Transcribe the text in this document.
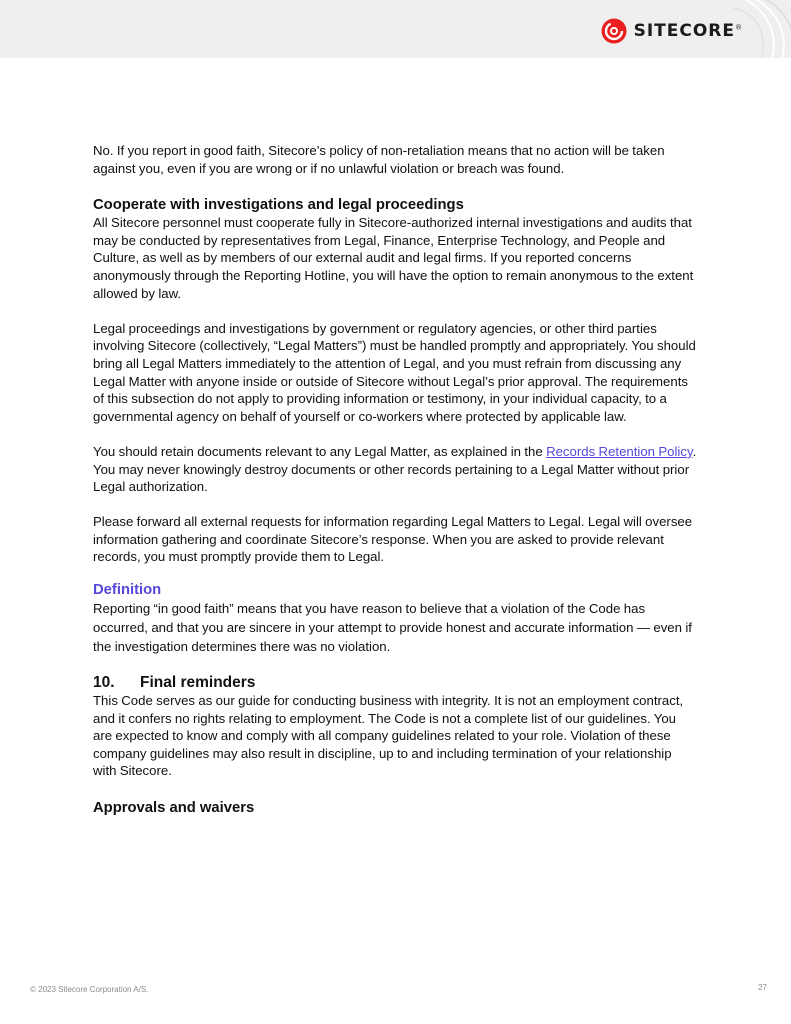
SITECORE®

No. If you report in good faith, Sitecore’s policy of non-retaliation means that no action will be taken against you, even if you are wrong or if no unlawful violation or breach was found.

Cooperate with investigations and legal proceedings

All Sitecore personnel must cooperate fully in Sitecore-authorized internal investigations and audits that may be conducted by representatives from Legal, Finance, Enterprise Technology, and People and Culture, as well as by members of our external audit and legal firms. If you reported concerns anonymously through the Reporting Hotline, you will have the option to remain anonymous to the extent allowed by law.

Legal proceedings and investigations by government or regulatory agencies, or other third parties involving Sitecore (collectively, “Legal Matters”) must be handled promptly and appropriately. You should bring all Legal Matters immediately to the attention of Legal, and you must refrain from discussing any Legal Matter with anyone inside or outside of Sitecore without Legal’s prior approval. The requirements of this subsection do not apply to providing information or testimony, in your individual capacity, to a governmental agency on behalf of yourself or co-workers where protected by applicable law.

You should retain documents relevant to any Legal Matter, as explained in the Records Retention Policy. You may never knowingly destroy documents or other records pertaining to a Legal Matter without prior Legal authorization.

Please forward all external requests for information regarding Legal Matters to Legal. Legal will oversee information gathering and coordinate Sitecore’s response. When you are asked to provide relevant records, you must promptly provide them to Legal.

Definition

Reporting “in good faith” means that you have reason to believe that a violation of the Code has occurred, and that you are sincere in your attempt to provide honest and accurate information — even if the investigation determines there was no violation.

10.	Final reminders

This Code serves as our guide for conducting business with integrity. It is not an employment contract, and it confers no rights relating to employment. The Code is not a complete list of our guidelines. You are expected to know and comply with all company guidelines related to your role. Violation of these company guidelines may also result in discipline, up to and including termination of your relationship with Sitecore.

Approvals and waivers
© 2023 Sitecore Corporation A/S.	27
